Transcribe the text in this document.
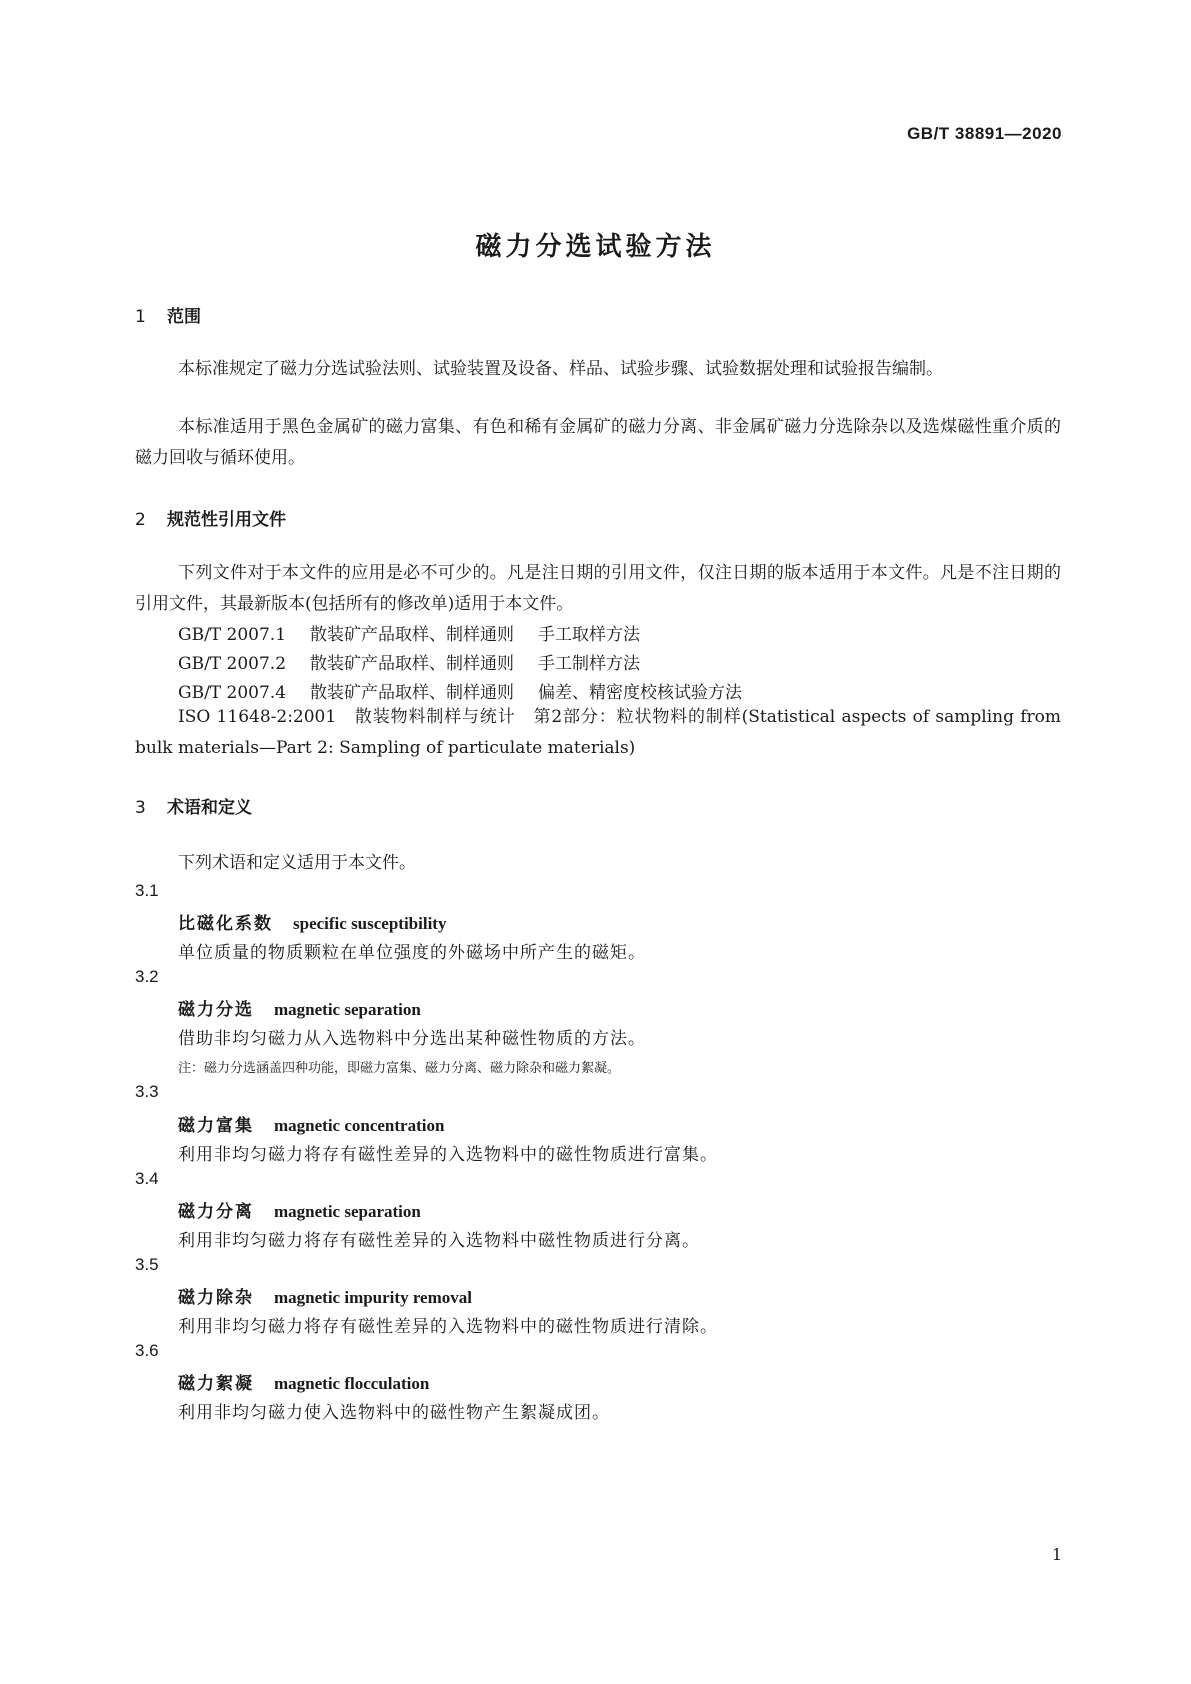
GB/T 38891—2020
磁力分选试验方法
1 范围
本标准规定了磁力分选试验法则、试验装置及设备、样品、试验步骤、试验数据处理和试验报告编制。
本标准适用于黑色金属矿的磁力富集、有色和稀有金属矿的磁力分离、非金属矿磁力分选除杂以及选煤磁性重介质的磁力回收与循环使用。
2 规范性引用文件
下列文件对于本文件的应用是必不可少的。凡是注日期的引用文件，仅注日期的版本适用于本文件。凡是不注日期的引用文件，其最新版本(包括所有的修改单)适用于本文件。
GB/T 2007.1 散装矿产品取样、制样通则 手工取样方法
GB/T 2007.2 散装矿产品取样、制样通则 手工制样方法
GB/T 2007.4 散装矿产品取样、制样通则 偏差、精密度校核试验方法
ISO 11648-2:2001　散装物料制样与统计　第2部分：粒状物料的制样(Statistical aspects of sampling from bulk materials—Part 2: Sampling of particulate materials)
3 术语和定义
下列术语和定义适用于本文件。
3.1
比磁化系数 specific susceptibility
单位质量的物质颗粒在单位强度的外磁场中所产生的磁矩。
3.2
磁力分选 magnetic separation
借助非均匀磁力从入选物料中分选出某种磁性物质的方法。
注：磁力分选涵盖四种功能，即磁力富集、磁力分离、磁力除杂和磁力絮凝。
3.3
磁力富集 magnetic concentration
利用非均匀磁力将存有磁性差异的入选物料中的磁性物质进行富集。
3.4
磁力分离 magnetic separation
利用非均匀磁力将存有磁性差异的入选物料中磁性物质进行分离。
3.5
磁力除杂 magnetic impurity removal
利用非均匀磁力将存有磁性差异的入选物料中的磁性物质进行清除。
3.6
磁力絮凝 magnetic flocculation
利用非均匀磁力使入选物料中的磁性物产生絮凝成团。
1
